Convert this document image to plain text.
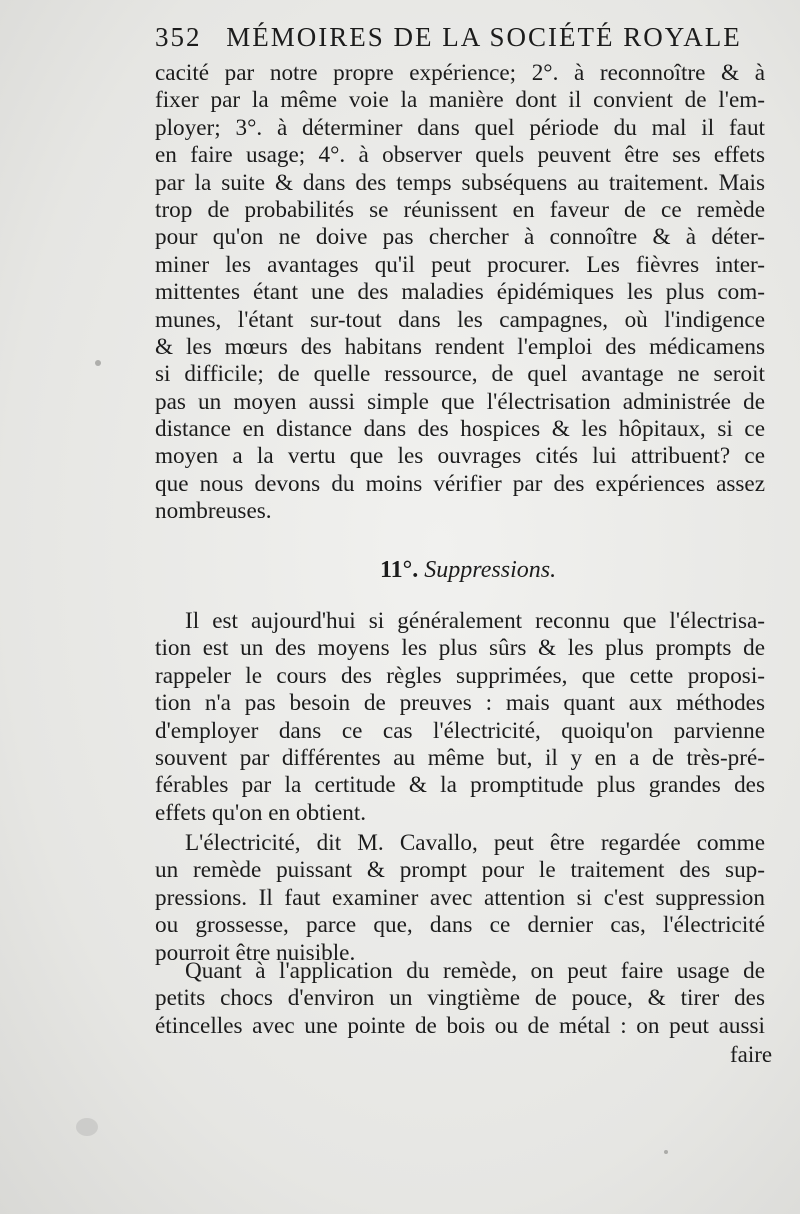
352 MÉMOIRES DE LA SOCIÉTÉ ROYALE
cacité par notre propre expérience; 2°. à reconnoître & à
fixer par la même voie la manière dont il convient de l'em-
ployer; 3°. à déterminer dans quel période du mal il faut
en faire usage; 4°. à observer quels peuvent être ses effets
par la suite & dans des temps subséquens au traitement. Mais
trop de probabilités se réunissent en faveur de ce remède
pour qu'on ne doive pas chercher à connoître & à déter-
miner les avantages qu'il peut procurer. Les fièvres inter-
mittentes étant une des maladies épidémiques les plus com-
munes, l'étant sur-tout dans les campagnes, où l'indigence
& les mœurs des habitans rendent l'emploi des médicamens
si difficile; de quelle ressource, de quel avantage ne seroit
pas un moyen aussi simple que l'électrisation administrée de
distance en distance dans des hospices & les hôpitaux, si ce
moyen a la vertu que les ouvrages cités lui attribuent? ce
que nous devons du moins vérifier par des expériences assez
nombreuses.
11°. Suppressions.
Il est aujourd'hui si généralement reconnu que l'électrisa-
tion est un des moyens les plus sûrs & les plus prompts de
rappeler le cours des règles supprimées, que cette proposi-
tion n'a pas besoin de preuves : mais quant aux méthodes
d'employer dans ce cas l'électricité, quoiqu'on parvienne
souvent par différentes au même but, il y en a de très-pré-
férables par la certitude & la promptitude plus grandes des
effets qu'on en obtient.
L'électricité, dit M. Cavallo, peut être regardée comme
un remède puissant & prompt pour le traitement des sup-
pressions. Il faut examiner avec attention si c'est suppression
ou grossesse, parce que, dans ce dernier cas, l'électricité
pourroit être nuisible.
Quant à l'application du remède, on peut faire usage de
petits chocs d'environ un vingtième de pouce, & tirer des
étincelles avec une pointe de bois ou de métal : on peut aussi
faire
